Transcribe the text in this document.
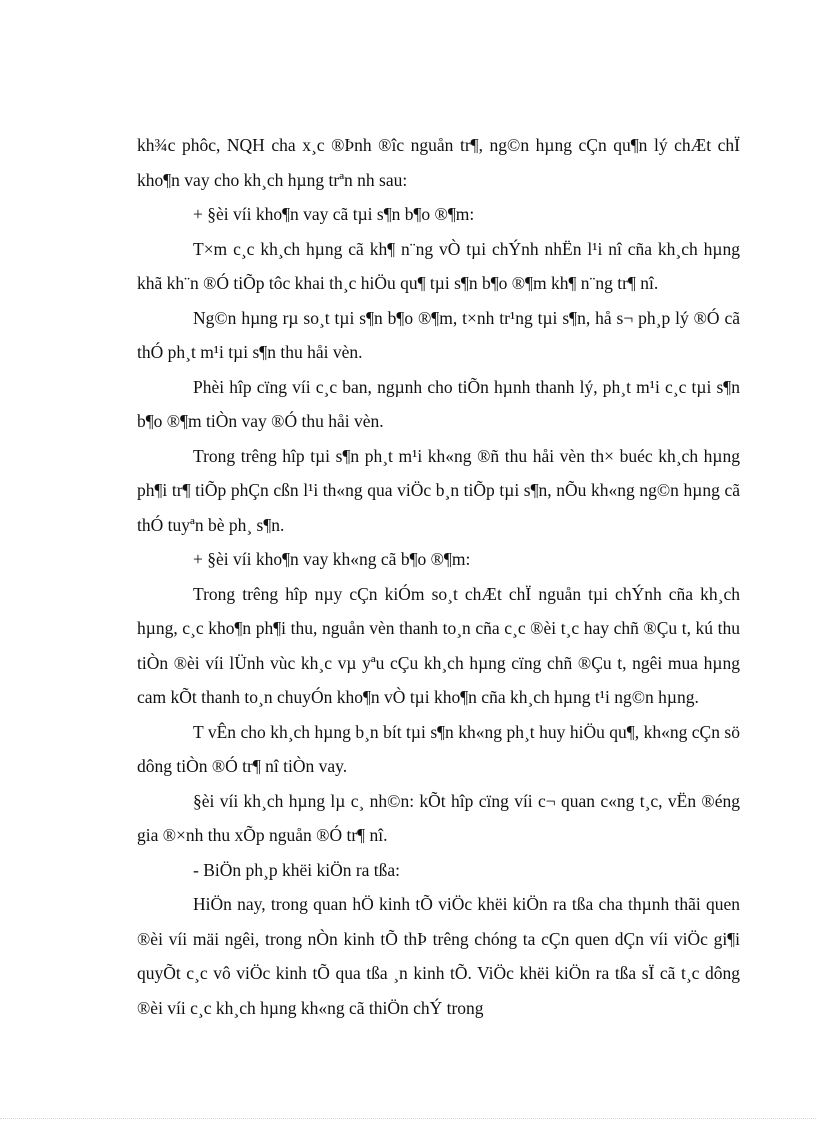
kh¾c phôc, NQH cha x¸c ®Þnh ®îc nguån tr¶, ng©n hµng cÇn qu¶n lý chÆt chÏ kho¶n vay cho kh¸ch hµng trªn nh sau:

+ §èi víi kho¶n vay cã tµi s¶n b¶o ®¶m:

T×m c¸c kh¸ch hµng cã kh¶ n¨ng vÒ tµi chÝnh nhËn l¹i nî cña kh¸ch hµng khã kh¨n ®Ó tiÕp tôc khai th¸c hiÖu qu¶ tµi s¶n b¶o ®¶m kh¶ n¨ng tr¶ nî.

Ng©n hµng rµ so¸t tµi s¶n b¶o ®¶m, t×nh tr¹ng tµi s¶n, hå s¬ ph¸p lý ®Ó cã thÓ ph¸t m¹i tµi s¶n thu håi vèn.

Phèi hîp cïng víi c¸c ban, ngµnh cho tiÕn hµnh thanh lý, ph¸t m¹i c¸c tµi s¶n b¶o ®¶m tiÒn vay ®Ó thu håi vèn.

Trong trêng hîp tµi s¶n ph¸t m¹i kh«ng ®ñ thu håi vèn th× buéc kh¸ch hµng ph¶i tr¶ tiÕp phÇn cßn l¹i th«ng qua viÖc b¸n tiÕp tµi s¶n, nÕu kh«ng ng©n hµng cã thÓ tuyªn bè ph¸ s¶n.

+ §èi víi kho¶n vay kh«ng cã b¶o ®¶m:

Trong trêng hîp nµy cÇn kiÓm so¸t chÆt chÏ nguån tµi chÝnh cña kh¸ch hµng, c¸c kho¶n ph¶i thu, nguån vèn thanh to¸n cña c¸c ®èi t¸c hay chñ ®Çu t, kú thu tiÒn ®èi víi lÜnh vùc kh¸c vµ yªu cÇu kh¸ch hµng cïng chñ ®Çu t, ngêi mua hµng cam kÕt thanh to¸n chuyÓn kho¶n vÒ tµi kho¶n cña kh¸ch hµng t¹i ng©n hµng.

T vÊn cho kh¸ch hµng b¸n bít tµi s¶n kh«ng ph¸t huy hiÖu qu¶, kh«ng cÇn sö dông tiÒn ®Ó tr¶ nî tiÒn vay.

§èi víi kh¸ch hµng lµ c¸ nh©n: kÕt hîp cïng víi c¬ quan c«ng t¸c, vËn ®éng gia ®×nh thu xÕp nguån ®Ó tr¶ nî.

- BiÖn ph¸p khëi kiÖn ra tßa:

HiÖn nay, trong quan hÖ kinh tÕ viÖc khëi kiÖn ra tßa cha thµnh thãi quen ®èi víi mäi ngêi, trong nÒn kinh tÕ thÞ trêng chóng ta cÇn quen dÇn víi viÖc gi¶i quyÕt c¸c vô viÖc kinh tÕ qua tßa ¸n kinh tÕ. ViÖc khëi kiÖn ra tßa sÏ cã t¸c dông ®èi víi c¸c kh¸ch hµng kh«ng cã thiÖn chÝ trong
